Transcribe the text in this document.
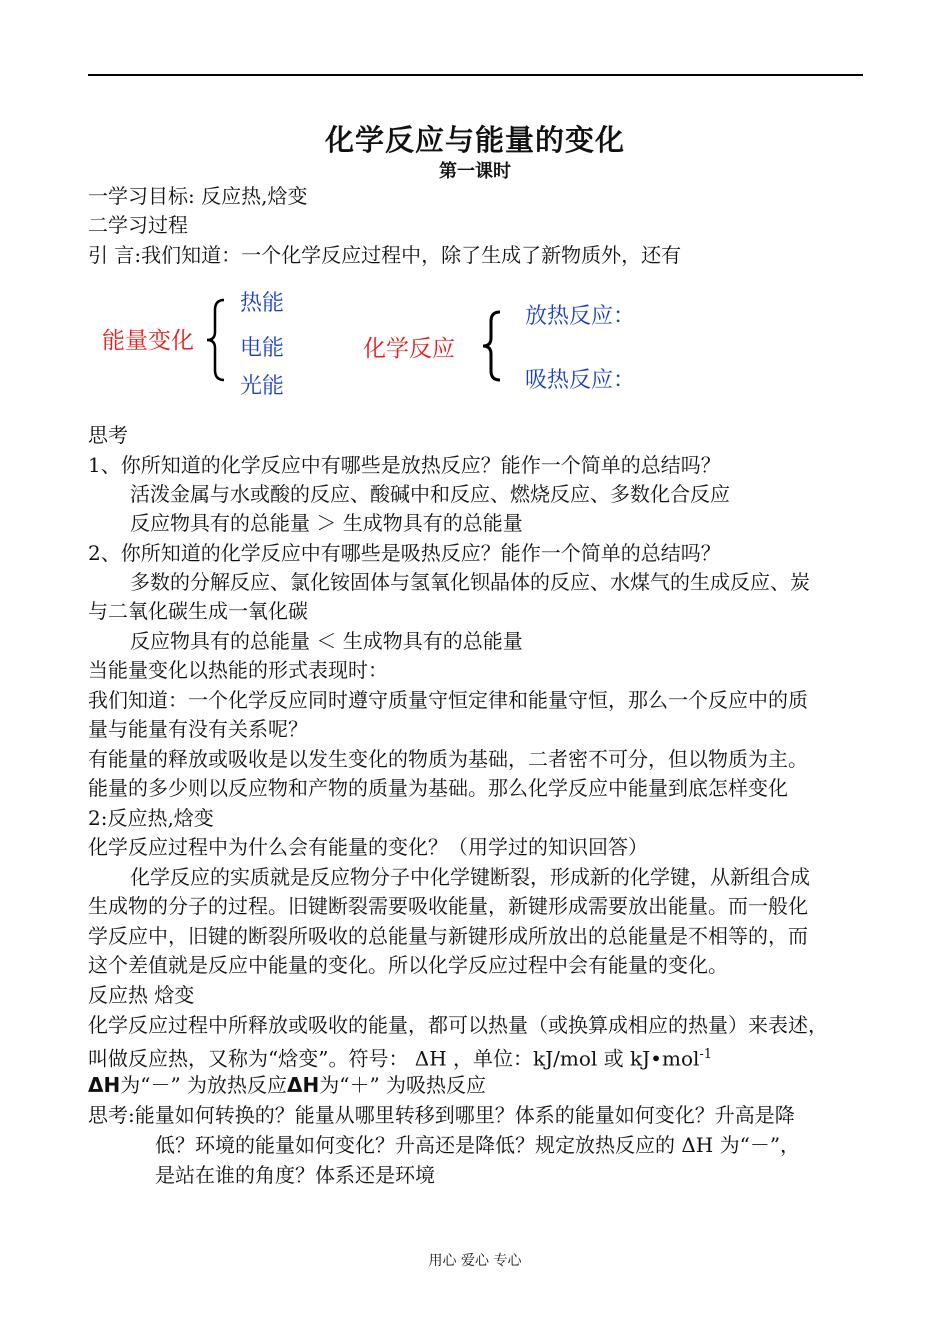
化学反应与能量的变化
第一课时
一学习目标: 反应热,焓变
二学习过程
引 言:我们知道：一个化学反应过程中，除了生成了新物质外，还有
能量变化
热能
电能
光能
化学反应
放热反应：
吸热反应：
思考
1、你所知道的化学反应中有哪些是放热反应？能作一个简单的总结吗？
活泼金属与水或酸的反应、酸碱中和反应、燃烧反应、多数化合反应
反应物具有的总能量 ＞ 生成物具有的总能量
2、你所知道的化学反应中有哪些是吸热反应？能作一个简单的总结吗？
多数的分解反应、氯化铵固体与氢氧化钡晶体的反应、水煤气的生成反应、炭
与二氧化碳生成一氧化碳
反应物具有的总能量 ＜ 生成物具有的总能量
当能量变化以热能的形式表现时：
我们知道：一个化学反应同时遵守质量守恒定律和能量守恒，那么一个反应中的质
量与能量有没有关系呢？
有能量的释放或吸收是以发生变化的物质为基础，二者密不可分，但以物质为主。
能量的多少则以反应物和产物的质量为基础。那么化学反应中能量到底怎样变化
2:反应热,焓变
化学反应过程中为什么会有能量的变化？（用学过的知识回答）
化学反应的实质就是反应物分子中化学键断裂，形成新的化学键，从新组合成
生成物的分子的过程。旧键断裂需要吸收能量，新键形成需要放出能量。而一般化
学反应中，旧键的断裂所吸收的总能量与新键形成所放出的总能量是不相等的，而
这个差值就是反应中能量的变化。所以化学反应过程中会有能量的变化。
反应热 焓变
化学反应过程中所释放或吸收的能量，都可以热量（或换算成相应的热量）来表述，
叫做反应热，又称为“焓变”。符号： ΔH ，单位：kJ/mol 或 kJ•mol$^{-1}$
ΔH为“－” 为放热反应ΔH为“＋” 为吸热反应
思考:能量如何转换的？能量从哪里转移到哪里？体系的能量如何变化？升高是降
低？环境的能量如何变化？升高还是降低？规定放热反应的 ΔH 为“－”，
是站在谁的角度？体系还是环境
用心 爱心 专心
